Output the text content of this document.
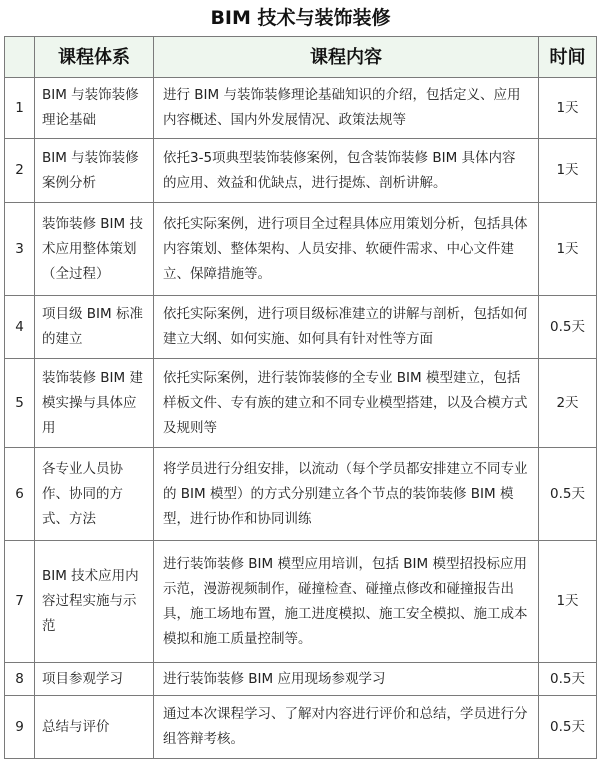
BIM 技术与装饰装修
	课程体系	课程内容	时间
1	BIM 与装饰装修理论基础	进行 BIM 与装饰装修理论基础知识的介绍，包括定义、应用内容概述、国内外发展情况、政策法规等	1天
2	BIM 与装饰装修案例分析	依托3-5项典型装饰装修案例，包含装饰装修 BIM 具体内容的应用、效益和优缺点，进行提炼、剖析讲解。	1天
3	装饰装修 BIM 技术应用整体策划（全过程）	依托实际案例，进行项目全过程具体应用策划分析，包括具体内容策划、整体架构、人员安排、软硬件需求、中心文件建立、保障措施等。	1天
4	项目级 BIM 标准的建立	依托实际案例，进行项目级标准建立的讲解与剖析，包括如何建立大纲、如何实施、如何具有针对性等方面	0.5天
5	装饰装修 BIM 建模实操与具体应用	依托实际案例，进行装饰装修的全专业 BIM 模型建立，包括样板文件、专有族的建立和不同专业模型搭建，以及合模方式及规则等	2天
6	各专业人员协作、协同的方式、方法	将学员进行分组安排，以流动（每个学员都安排建立不同专业的 BIM 模型）的方式分别建立各个节点的装饰装修 BIM 模型，进行协作和协同训练	0.5天
7	BIM 技术应用内容过程实施与示范	进行装饰装修 BIM 模型应用培训，包括 BIM 模型招投标应用示范，漫游视频制作，碰撞检查、碰撞点修改和碰撞报告出具，施工场地布置，施工进度模拟、施工安全模拟、施工成本模拟和施工质量控制等。	1天
8	项目参观学习	进行装饰装修 BIM 应用现场参观学习	0.5天
9	总结与评价	通过本次课程学习、了解对内容进行评价和总结，学员进行分组答辩考核。	0.5天
